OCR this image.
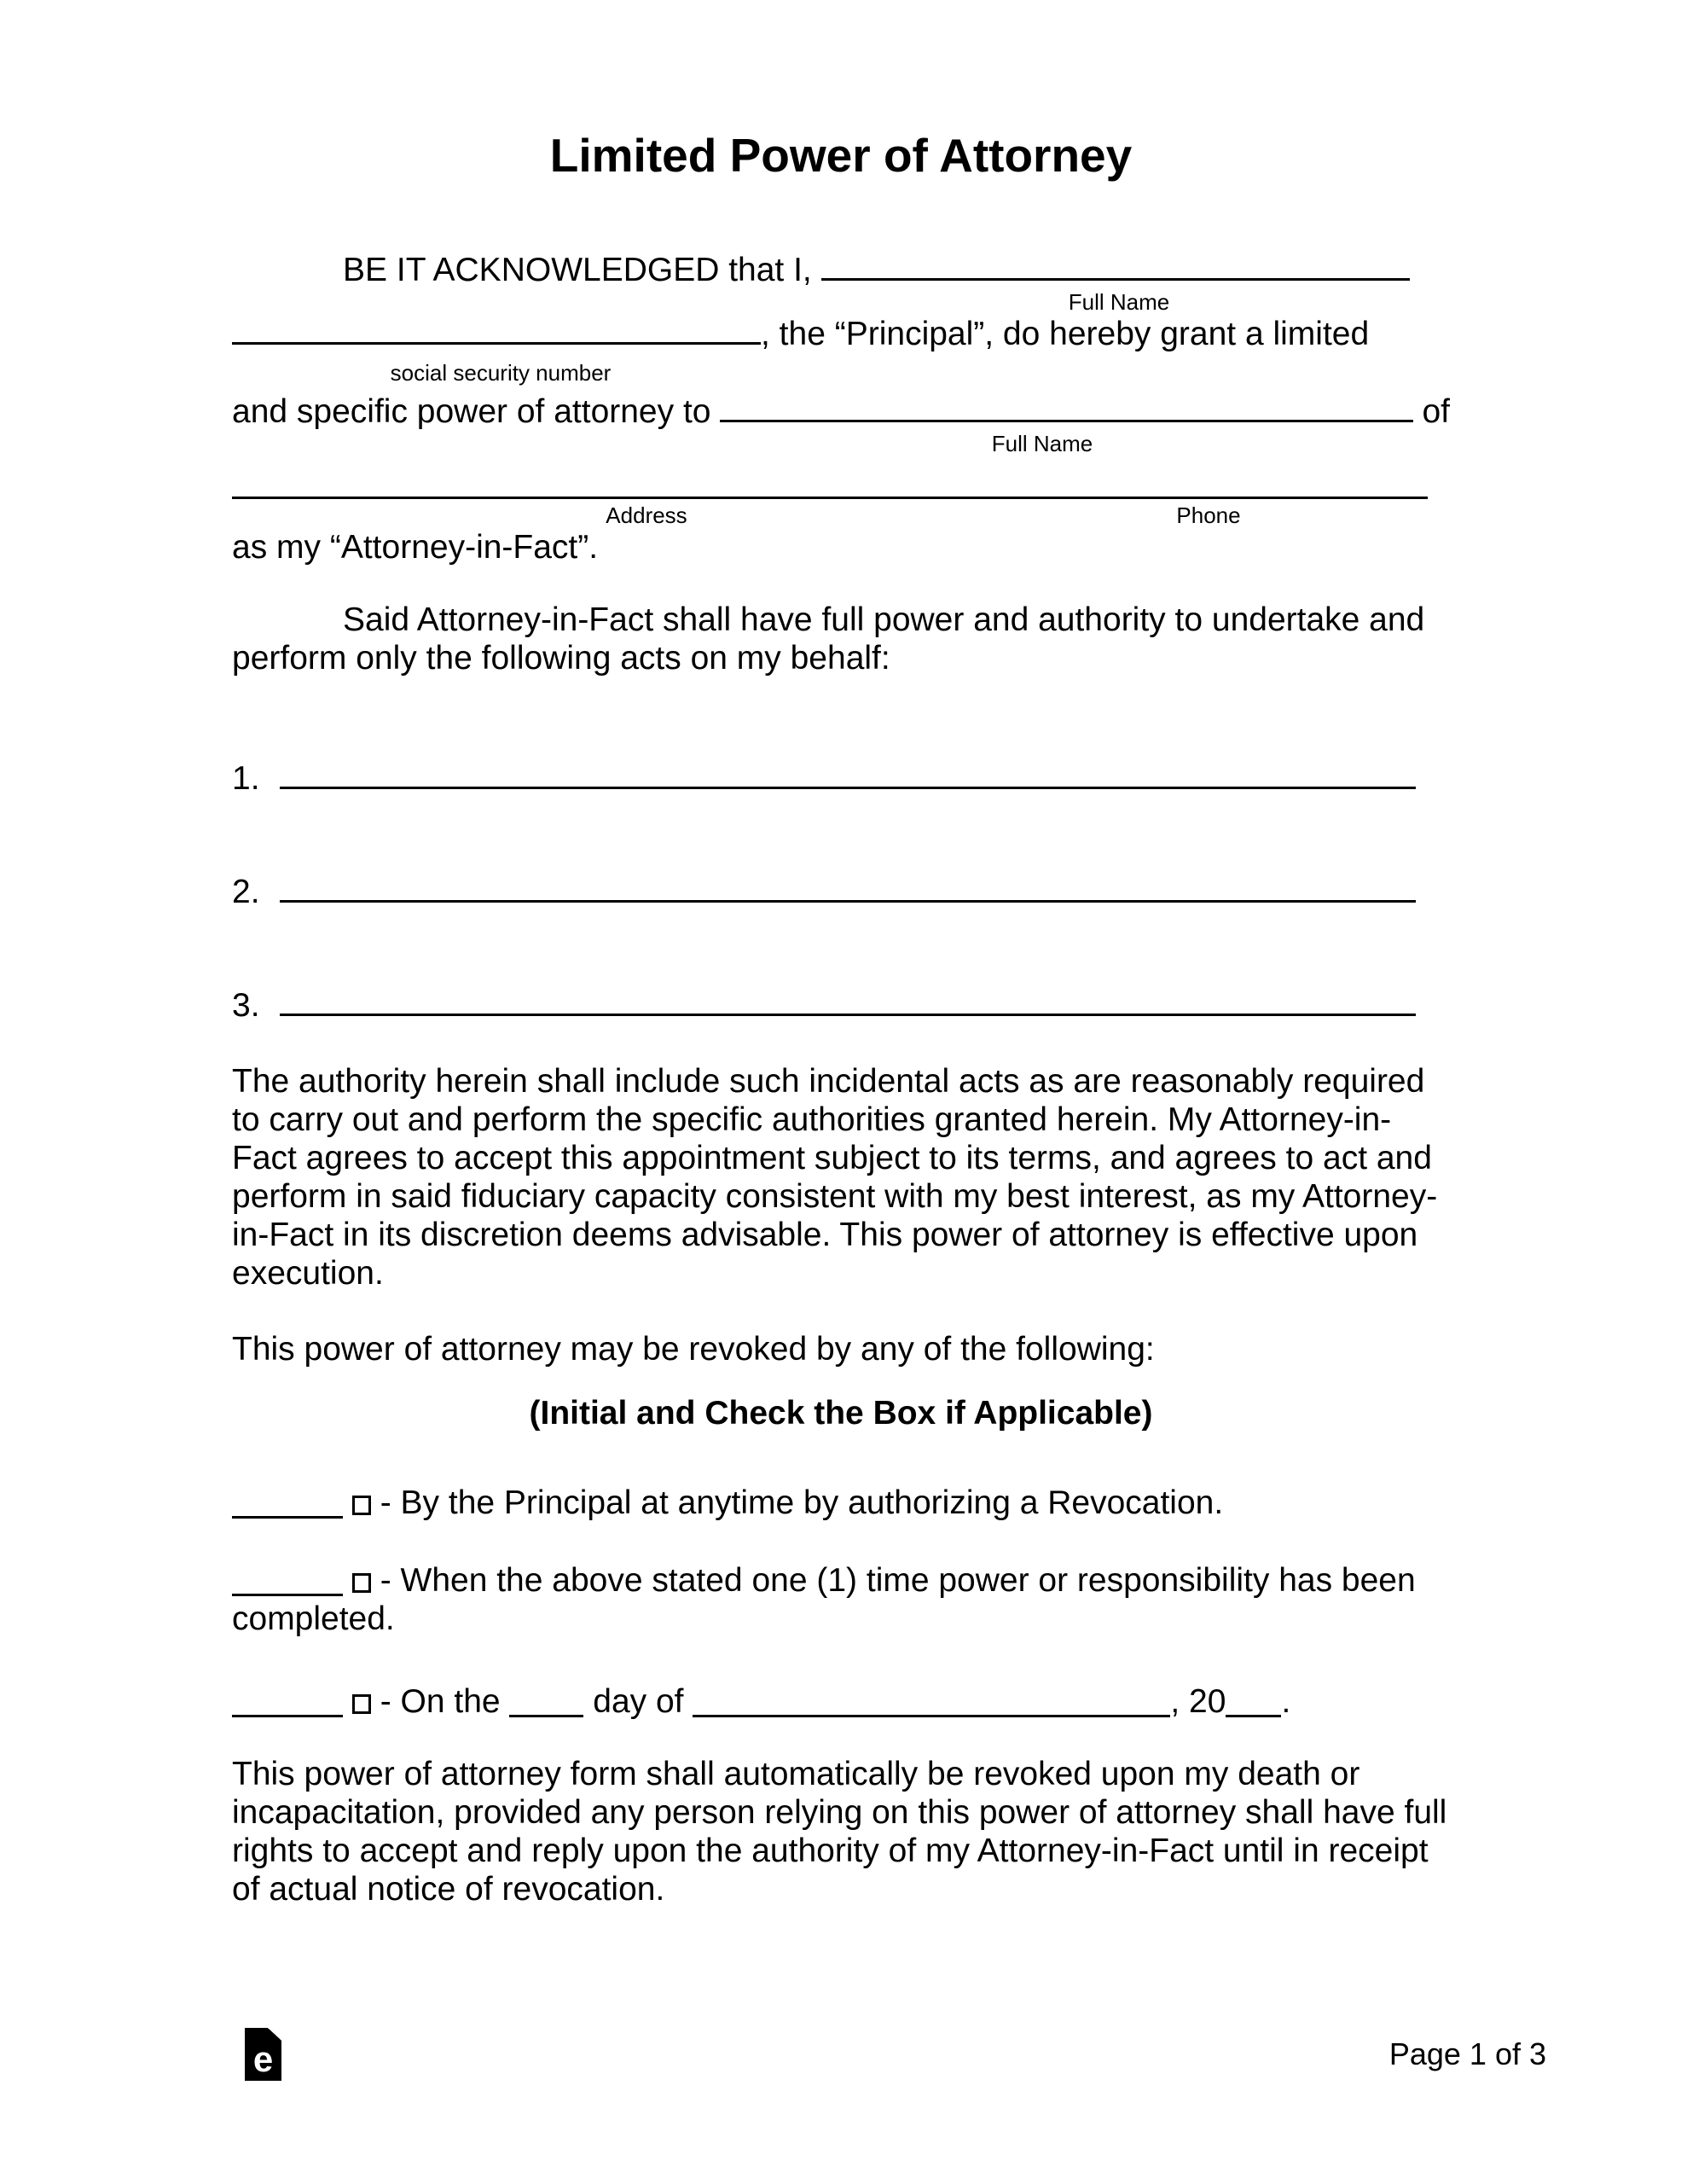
Limited Power of Attorney
BE IT ACKNOWLEDGED that I,

Full Name
, the “Principal”, do hereby grant a limited
social security number
and specific power of attorney to

	of
Full Name
Address	Phone
as my “Attorney-in-Fact”.

Said Attorney-in-Fact shall have full power and authority to undertake and perform only the following acts on my behalf:

1.
2.
3.

The authority herein shall include such incidental acts as are reasonably required to carry out and perform the specific authorities granted herein. My Attorney-in-Fact agrees to accept this appointment subject to its terms, and agrees to act and perform in said fiduciary capacity consistent with my best interest, as my Attorney-in-Fact in its discretion deems advisable. This power of attorney is effective upon execution.

This power of attorney may be revoked by any of the following:

(Initial and Check the Box if Applicable)

- By the Principal at anytime by authorizing a Revocation.
- When the above stated one (1) time power or responsibility has been completed.
- On the	day of	, 20 .

This power of attorney form shall automatically be revoked upon my death or incapacitation, provided any person relying on this power of attorney shall have full rights to accept and reply upon the authority of my Attorney-in-Fact until in receipt of actual notice of revocation.

e	Page 1 of 3
